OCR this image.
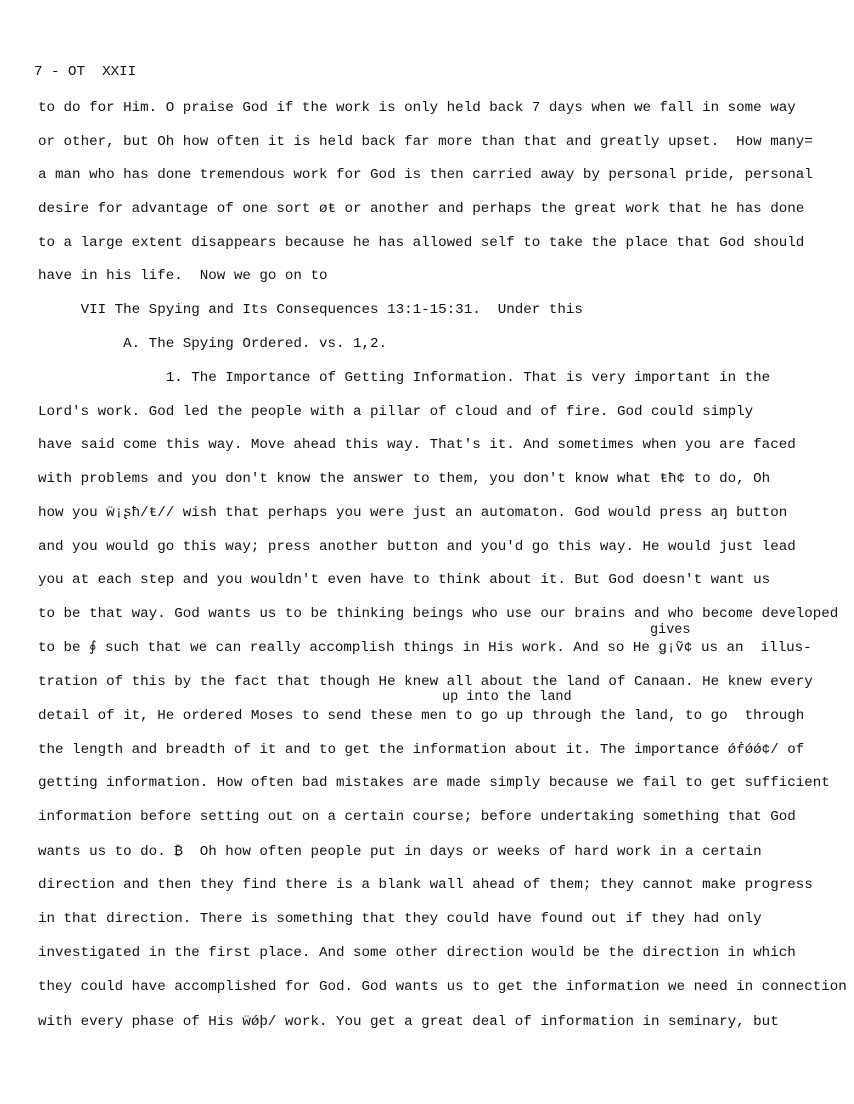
7 - OT  XXII
to do for Him. O praise God if the work is only held back 7 days when we fall in some way
or other, but Oh how often it is held back far more than that and greatly upset.  How many=
a man who has done tremendous work for God is then carried away by personal pride, personal
desire for advantage of one sort øŧ or another and perhaps the great work that he has done
to a large extent disappears because he has allowed self to take the place that God should
have in his life.  Now we go on to
VII The Spying and Its Consequences 13:1-15:31.  Under this
A. The Spying Ordered. vs. 1,2.
1. The Importance of Getting Information. That is very important in the
Lord's work. God led the people with a pillar of cloud and of fire. God could simply
have said come this way. Move ahead this way. That's it. And sometimes when you are faced
with problems and you don't know the answer to them, you don't know what ŧħ¢ to do, Oh
how you ẅ¡ʂħ/ŧ// wish that perhaps you were just an automaton. God would press aŋ button
and you would go this way; press another button and you'd go this way. He would just lead
you at each step and you wouldn't even have to think about it. But God doesn't want us
to be that way. God wants us to be thinking beings who use our brains and who become developed
gives
to be ∮ such that we can really accomplish things in His work. And so He ǥ¡ṽ¢ us an  illus-
tration of this by the fact that though He knew all about the land of Canaan. He knew every
up into the land
detail of it, He ordered Moses to send these men to go up through the land, to go  through
the length and breadth of it and to get the information about it. The importance ǿḟǿǿ¢/ of
getting information. How often bad mistakes are made simply because we fail to get sufficient
information before setting out on a certain course; before undertaking something that God
wants us to do. ₿  Oh how often people put in days or weeks of hard work in a certain
direction and then they find there is a blank wall ahead of them; they cannot make progress
in that direction. There is something that they could have found out if they had only
investigated in the first place. And some other direction would be the direction in which
they could have accomplished for God. God wants us to get the information we need in connection
with every phase of His ẅǿþ/ work. You get a great deal of information in seminary, but
